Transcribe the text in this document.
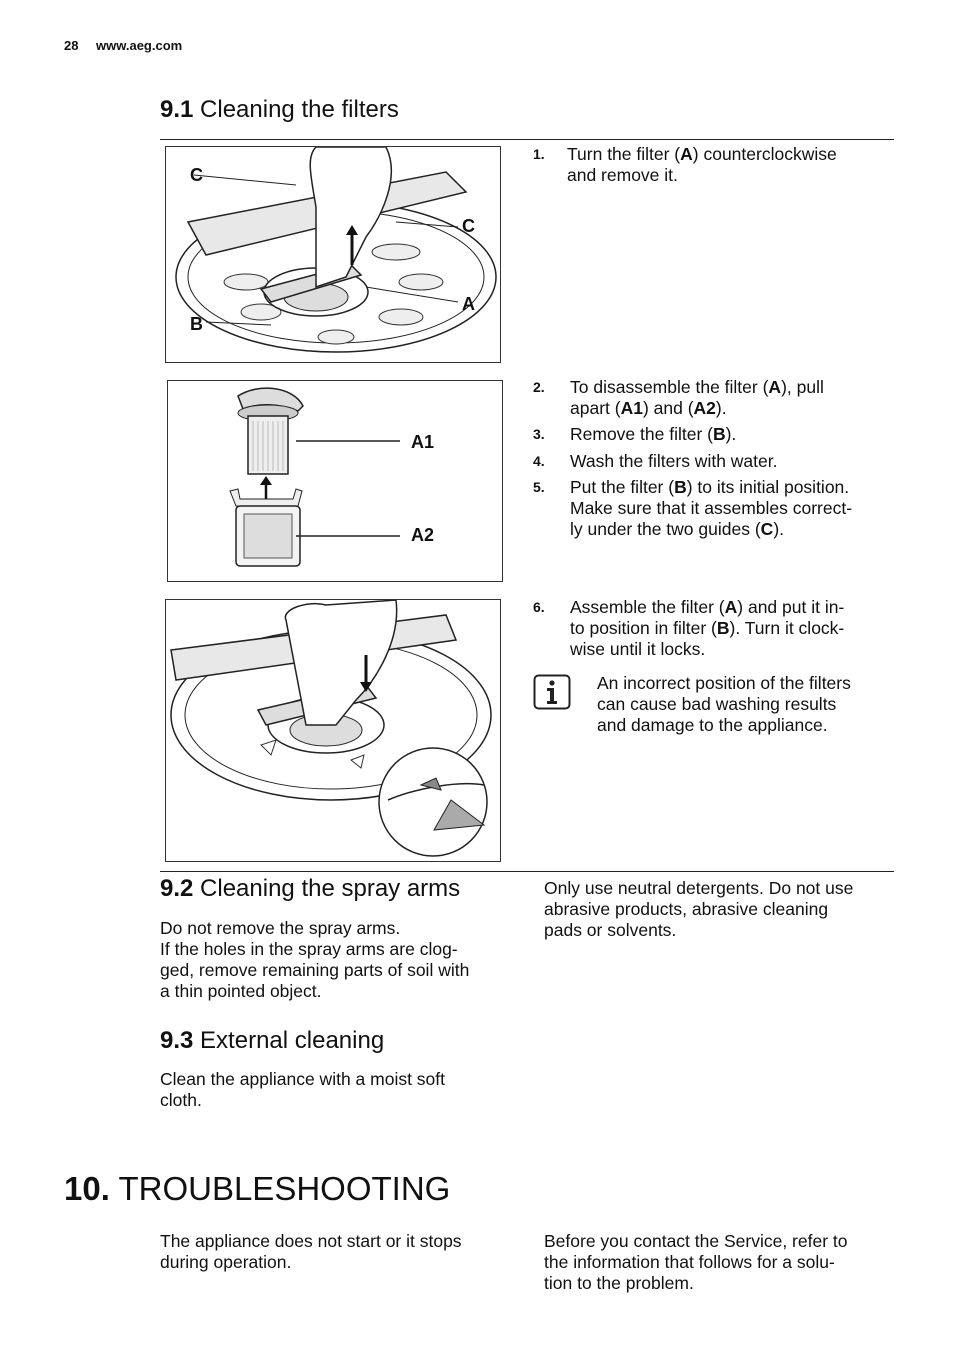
28 www.aeg.com
9.1 Cleaning the filters
C
C
A
B
1. Turn the filter (A) counterclockwise
and remove it.
A1
A2
2. To disassemble the filter (A), pull
apart (A1) and (A2).
3. Remove the filter (B).
4. Wash the filters with water.
5. Put the filter (B) to its initial position.
Make sure that it assembles correct-
ly under the two guides (C).
6. Assemble the filter (A) and put it in-
to position in filter (B). Turn it clock-
wise until it locks.
An incorrect position of the filters
can cause bad washing results
and damage to the appliance.
9.2 Cleaning the spray arms
Do not remove the spray arms.
If the holes in the spray arms are clog-
ged, remove remaining parts of soil with
a thin pointed object.
Only use neutral detergents. Do not use
abrasive products, abrasive cleaning
pads or solvents.
9.3 External cleaning
Clean the appliance with a moist soft
cloth.
10. TROUBLESHOOTING
The appliance does not start or it stops
during operation.
Before you contact the Service, refer to
the information that follows for a solu-
tion to the problem.
